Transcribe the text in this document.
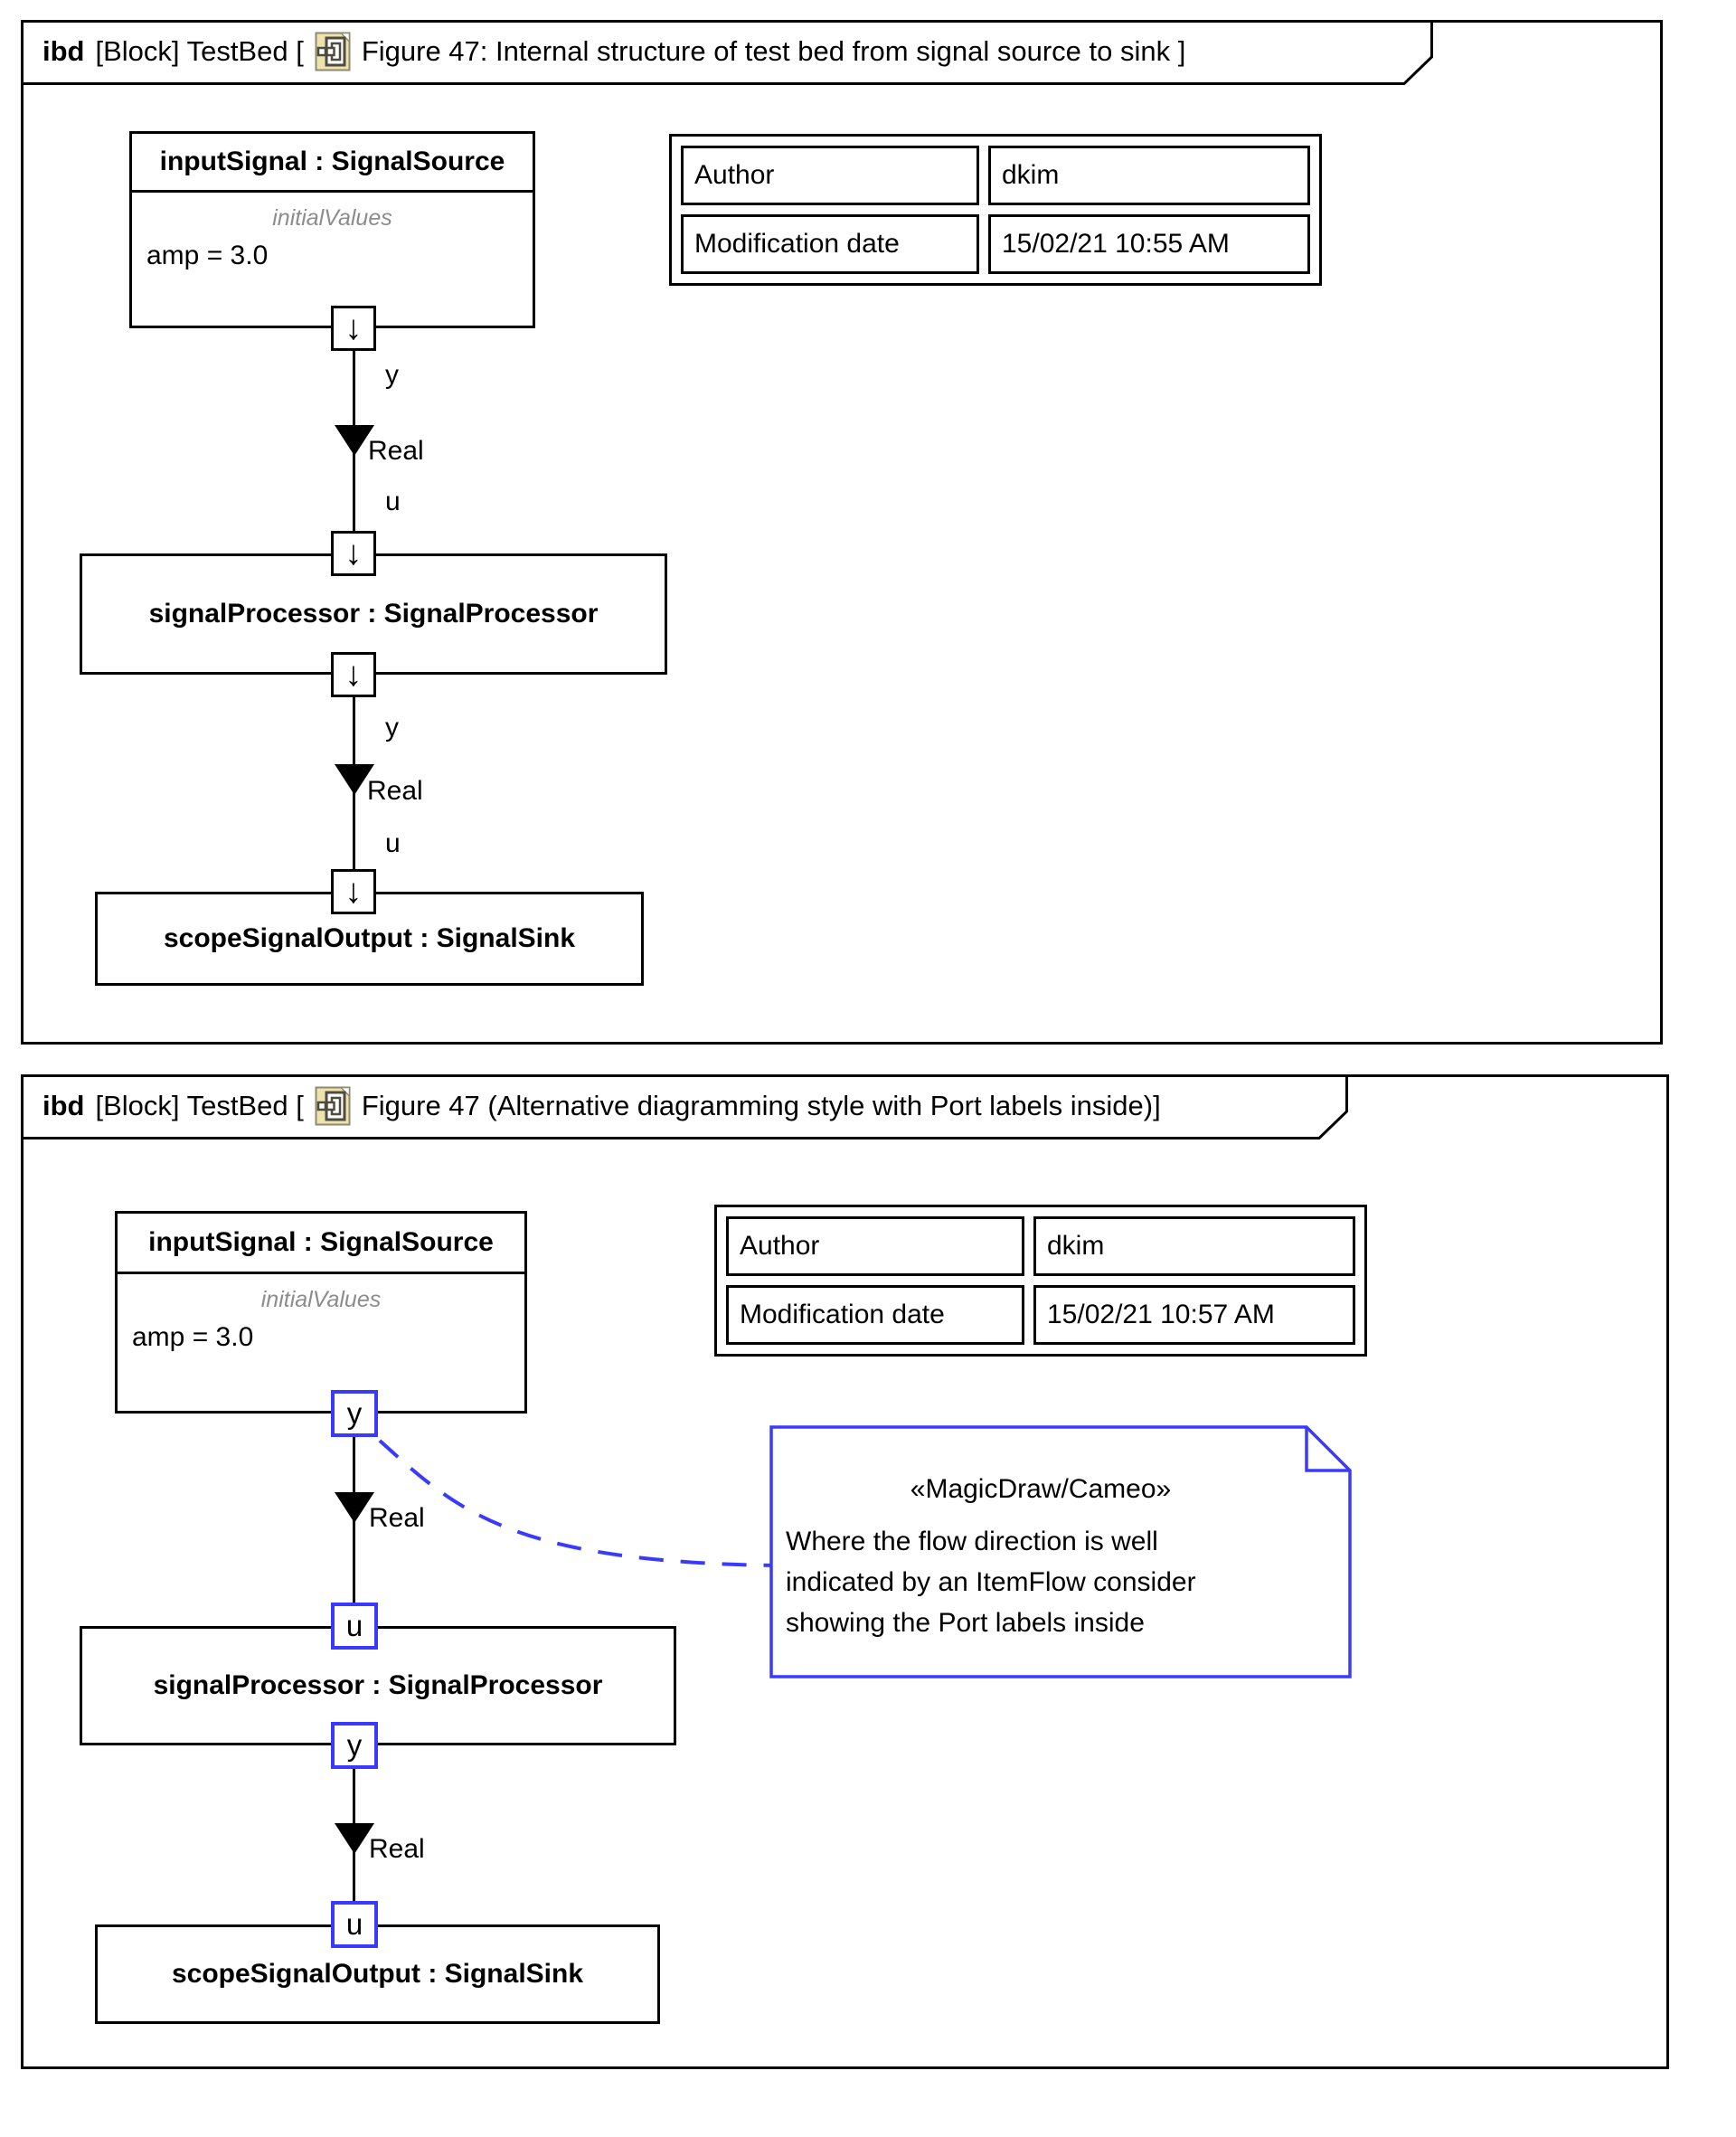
ibd [Block] TestBed [ Figure 47: Internal structure of test bed from signal source to sink ]
inputSignal : SignalSource
initialValues
amp = 3.0
↓
y
Real
u
↓
signalProcessor : SignalProcessor
↓
y
Real
u
↓
scopeSignalOutput : SignalSink
Author	dkim
Modification date	15/02/21 10:55 AM
ibd [Block] TestBed [ Figure 47 (Alternative diagramming style with Port labels inside)]
inputSignal : SignalSource
initialValues
amp = 3.0
y
Real
u
signalProcessor : SignalProcessor
y
Real
u
scopeSignalOutput : SignalSink
Author	dkim
Modification date	15/02/21 10:57 AM
«MagicDraw/Cameo»
Where the flow direction is well
indicated by an ItemFlow consider
showing the Port labels inside
